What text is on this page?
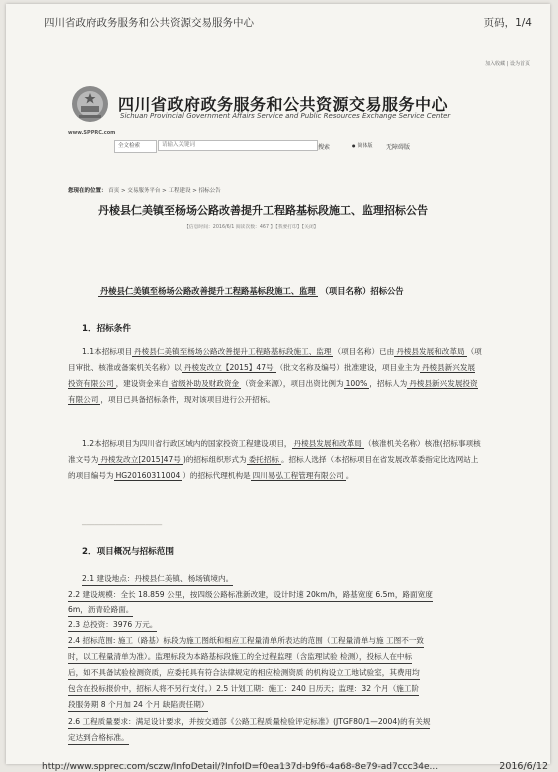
四川省政府政务服务和公共资源交易服务中心	页码，1/4
加入收藏 | 设为首页
四川省政府政务服务和公共资源交易服务中心
Sichuan Provincial Government Affairs Service and Public Resources Exchange Service Center
www.SPPRC.com
全文检索
请输入关键词	搜索
●	简体版 无障碍版
您现在的位置： 首页 > 交易服务平台 > 工程建设 > 招标公告
丹棱县仁美镇至杨场公路改善提升工程路基标段施工、监理招标公告
【信息时间：2016/6/1 阅读次数：467 】【我要打印】【关闭】
丹棱县仁美镇至杨场公路改善提升工程路基标段施工、监理 （项目名称）招标公告
1．招标条件
1.1本招标项目 丹棱县仁美镇至杨场公路改善提升工程路基标段施工、监理 （项目名称）已由 丹棱县发展和改革局 （项目审批、核准或备案机关名称）以 丹棱发改立【2015】47号 （批文名称及编号）批准建设，项目业主为 丹棱县新兴发展投资有限公司 ，建设资金来自 省级补助及财政资金 （资金来源），项目出资比例为 100% ，招标人为 丹棱县新兴发展投资有限公司 ，项目已具备招标条件，现对该项目进行公开招标。
1.2本招标项目为四川省行政区域内的国家投资工程建设项目， 丹棱县发展和改革局 （核准机关名称）核准(招标事项核准文号为 丹棱发改立[2015]47号 )的招标组织形式为 委托招标 。招标人选择（本招标项目在省发展改革委指定比选网站上的项目编号为 HG20160311004 ）的招标代理机构是 四川易弘工程管理有限公司 。
━━━━━━━━━━━━━━━━━━━
2．项目概况与招标范围
2.1 建设地点：丹棱县仁美镇、杨场镇境内。
2.2 建设规模：全长 18.859 公里，按四级公路标准新改建，设计时速 20km/h，路基宽度 6.5m，路面宽度
6m，沥青砼路面。
2.3 总投资：3976 万元。
2.4 招标范围: 施工（路基）标段为施工图纸和相应工程量清单所表达的范围（工程量清单与施 工图不一致
时，以工程量清单为准）。监理标段为本路基标段施工的全过程监理（含监理试验 检测），投标人在中标
后，如不具备试验检测资质，应委托具有符合法律规定的相应检测资质 的机构设立工地试验室，其费用均
包含在投标报价中，招标人将不另行支付。）2.5 计划工期：施工：240 日历天；监理：32 个月（施工阶
段服务期 8 个月加 24 个月 缺陷责任期）
2.6 工程质量要求：满足设计要求，并按交通部《公路工程质量检验评定标准》(JTGF80/1—2004)的有关规
定达到合格标准。
http://www.spprec.com/sczw/InfoDetail/?InfoID=f0ea137d-b9f6-4a68-8e79-ad7ccc34e...	2016/6/12
